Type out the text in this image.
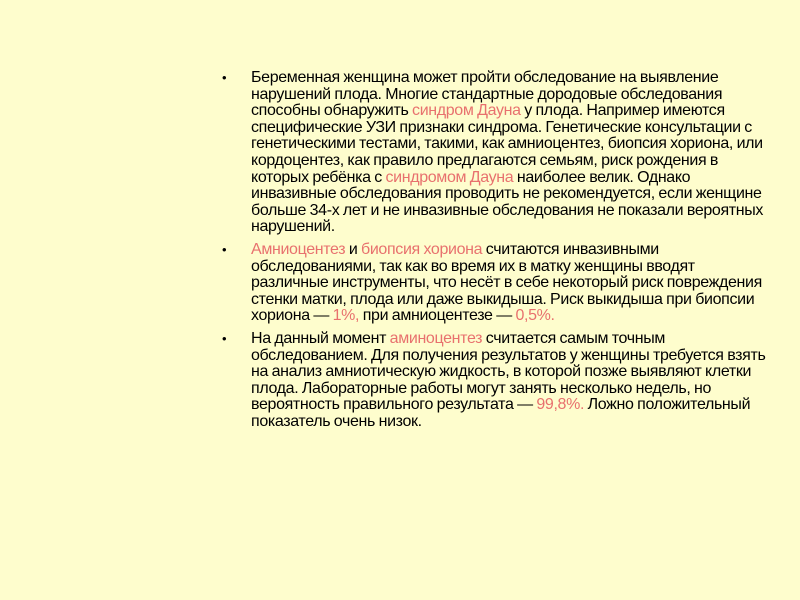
•	Беременная женщина может пройти обследование на выявление нарушений плода. Многие стандартные дородовые обследования способны обнаружить синдром Дауна у плода. Например имеются специфические УЗИ признаки синдрома. Генетические консультации с генетическими тестами, такими, как амниоцентез, биопсия хориона, или кордоцентез, как правило предлагаются семьям, риск рождения в которых ребёнка с синдромом Дауна наиболее велик. Однако инвазивные обследования проводить не рекомендуется, если женщине больше 34-х лет и не инвазивные обследования не показали вероятных нарушений.
•	Амниоцентез и биопсия хориона считаются инвазивными обследованиями, так как во время их в матку женщины вводят различные инструменты, что несёт в себе некоторый риск повреждения стенки матки, плода или даже выкидыша. Риск выкидыша при биопсии хориона — 1%, при амниоцентезе — 0,5%.
•	На данный момент аминоцентез считается самым точным обследованием. Для получения результатов у женщины требуется взять на анализ амниотическую жидкость, в которой позже выявляют клетки плода. Лабораторные работы могут занять несколько недель, но вероятность правильного результата — 99,8%. Ложно положительный показатель очень низок.
